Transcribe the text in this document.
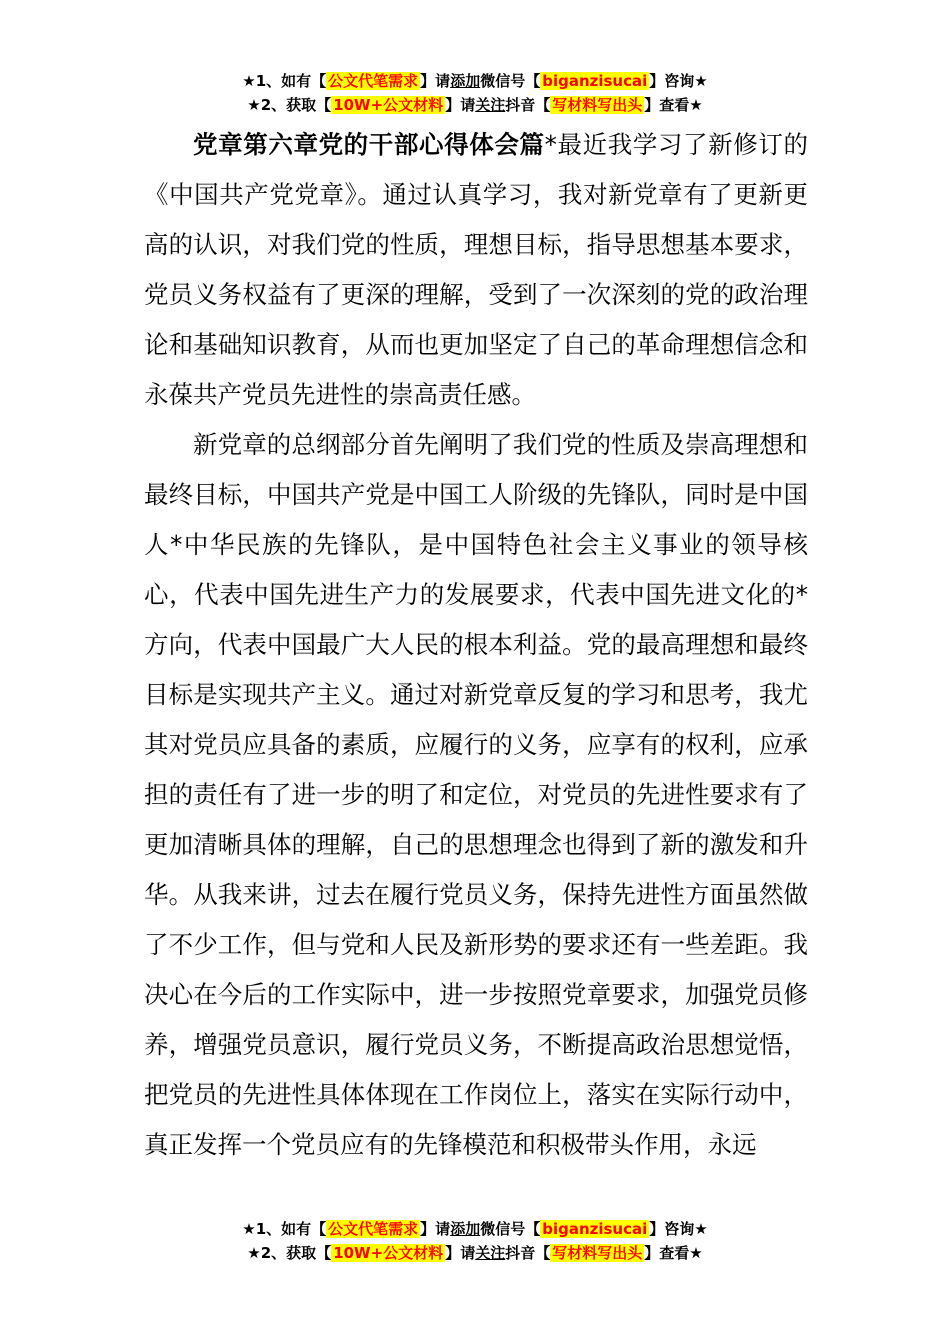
★1、如有【 公文代笔需求 】请添加微信号【 biganzisucai 】咨询★
★2、获取【 10W+公文材料 】请关注抖音【 写材料写出头 】查看★

党章第六章党的干部心得体会篇*最近我学习了新修订的《中国共产党党章》。通过认真学习，我对新党章有了更新更高的认识，对我们党的性质，理想目标，指导思想基本要求，党员义务权益有了更深的理解，受到了一次深刻的党的政治理论和基础知识教育，从而也更加坚定了自己的革命理想信念和永葆共产党员先进性的崇高责任感。

新党章的总纲部分首先阐明了我们党的性质及崇高理想和最终目标，中国共产党是中国工人阶级的先锋队，同时是中国人*中华民族的先锋队，是中国特色社会主义事业的领导核心，代表中国先进生产力的发展要求，代表中国先进文化的*方向，代表中国最广大人民的根本利益。党的最高理想和最终目标是实现共产主义。通过对新党章反复的学习和思考，我尤其对党员应具备的素质，应履行的义务，应享有的权利，应承担的责任有了进一步的明了和定位，对党员的先进性要求有了更加清晰具体的理解，自己的思想理念也得到了新的激发和升华。从我来讲，过去在履行党员义务，保持先进性方面虽然做了不少工作，但与党和人民及新形势的要求还有一些差距。我决心在今后的工作实际中，进一步按照党章要求，加强党员修养，增强党员意识，履行党员义务，不断提高政治思想觉悟，把党员的先进性具体体现在工作岗位上，落实在实际行动中，真正发挥一个党员应有的先锋模范和积极带头作用，永远

★1、如有【 公文代笔需求 】请添加微信号【 biganzisucai 】咨询★
★2、获取【 10W+公文材料 】请关注抖音【 写材料写出头 】查看★
